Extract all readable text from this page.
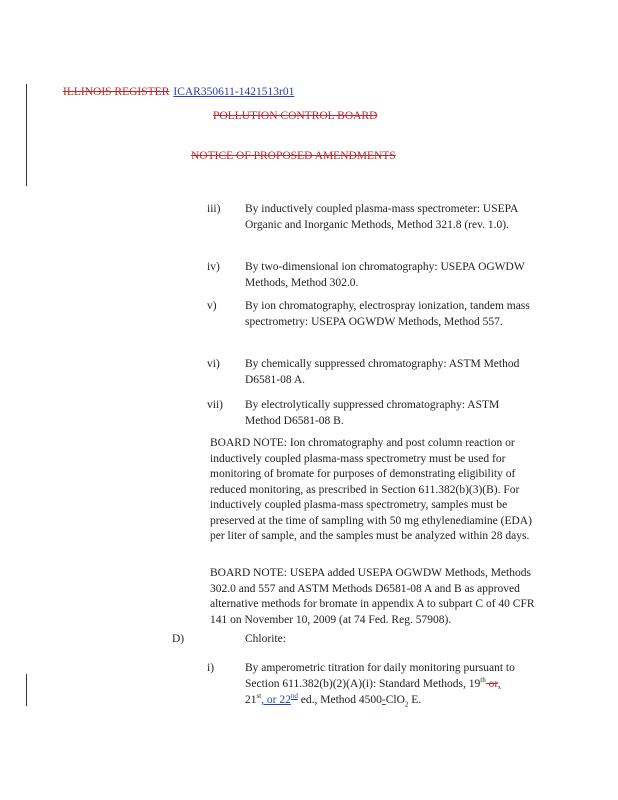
ILLINOIS REGISTER ICAR350611-1421513r01
POLLUTION CONTROL BOARD
NOTICE OF PROPOSED AMENDMENTS
iii) By inductively coupled plasma-mass spectrometer: USEPA Organic and Inorganic Methods, Method 321.8 (rev. 1.0).
iv) By two-dimensional ion chromatography: USEPA OGWDW Methods, Method 302.0.
v) By ion chromatography, electrospray ionization, tandem mass spectrometry: USEPA OGWDW Methods, Method 557.
vi) By chemically suppressed chromatography: ASTM Method D6581-08 A.
vii) By electrolytically suppressed chromatography: ASTM Method D6581-08 B.
BOARD NOTE: Ion chromatography and post column reaction or inductively coupled plasma-mass spectrometry must be used for monitoring of bromate for purposes of demonstrating eligibility of reduced monitoring, as prescribed in Section 611.382(b)(3)(B). For inductively coupled plasma-mass spectrometry, samples must be preserved at the time of sampling with 50 mg ethylenediamine (EDA) per liter of sample, and the samples must be analyzed within 28 days.
BOARD NOTE: USEPA added USEPA OGWDW Methods, Methods 302.0 and 557 and ASTM Methods D6581-08 A and B as approved alternative methods for bromate in appendix A to subpart C of 40 CFR 141 on November 10, 2009 (at 74 Fed. Reg. 57908).
D)	Chlorite:
i)	By amperometric titration for daily monitoring pursuant to
Section 611.382(b)(2)(A)(i): Standard Methods, 19th or,
21st, or 22nd ed., Method 4500-ClO$_2$ E.
